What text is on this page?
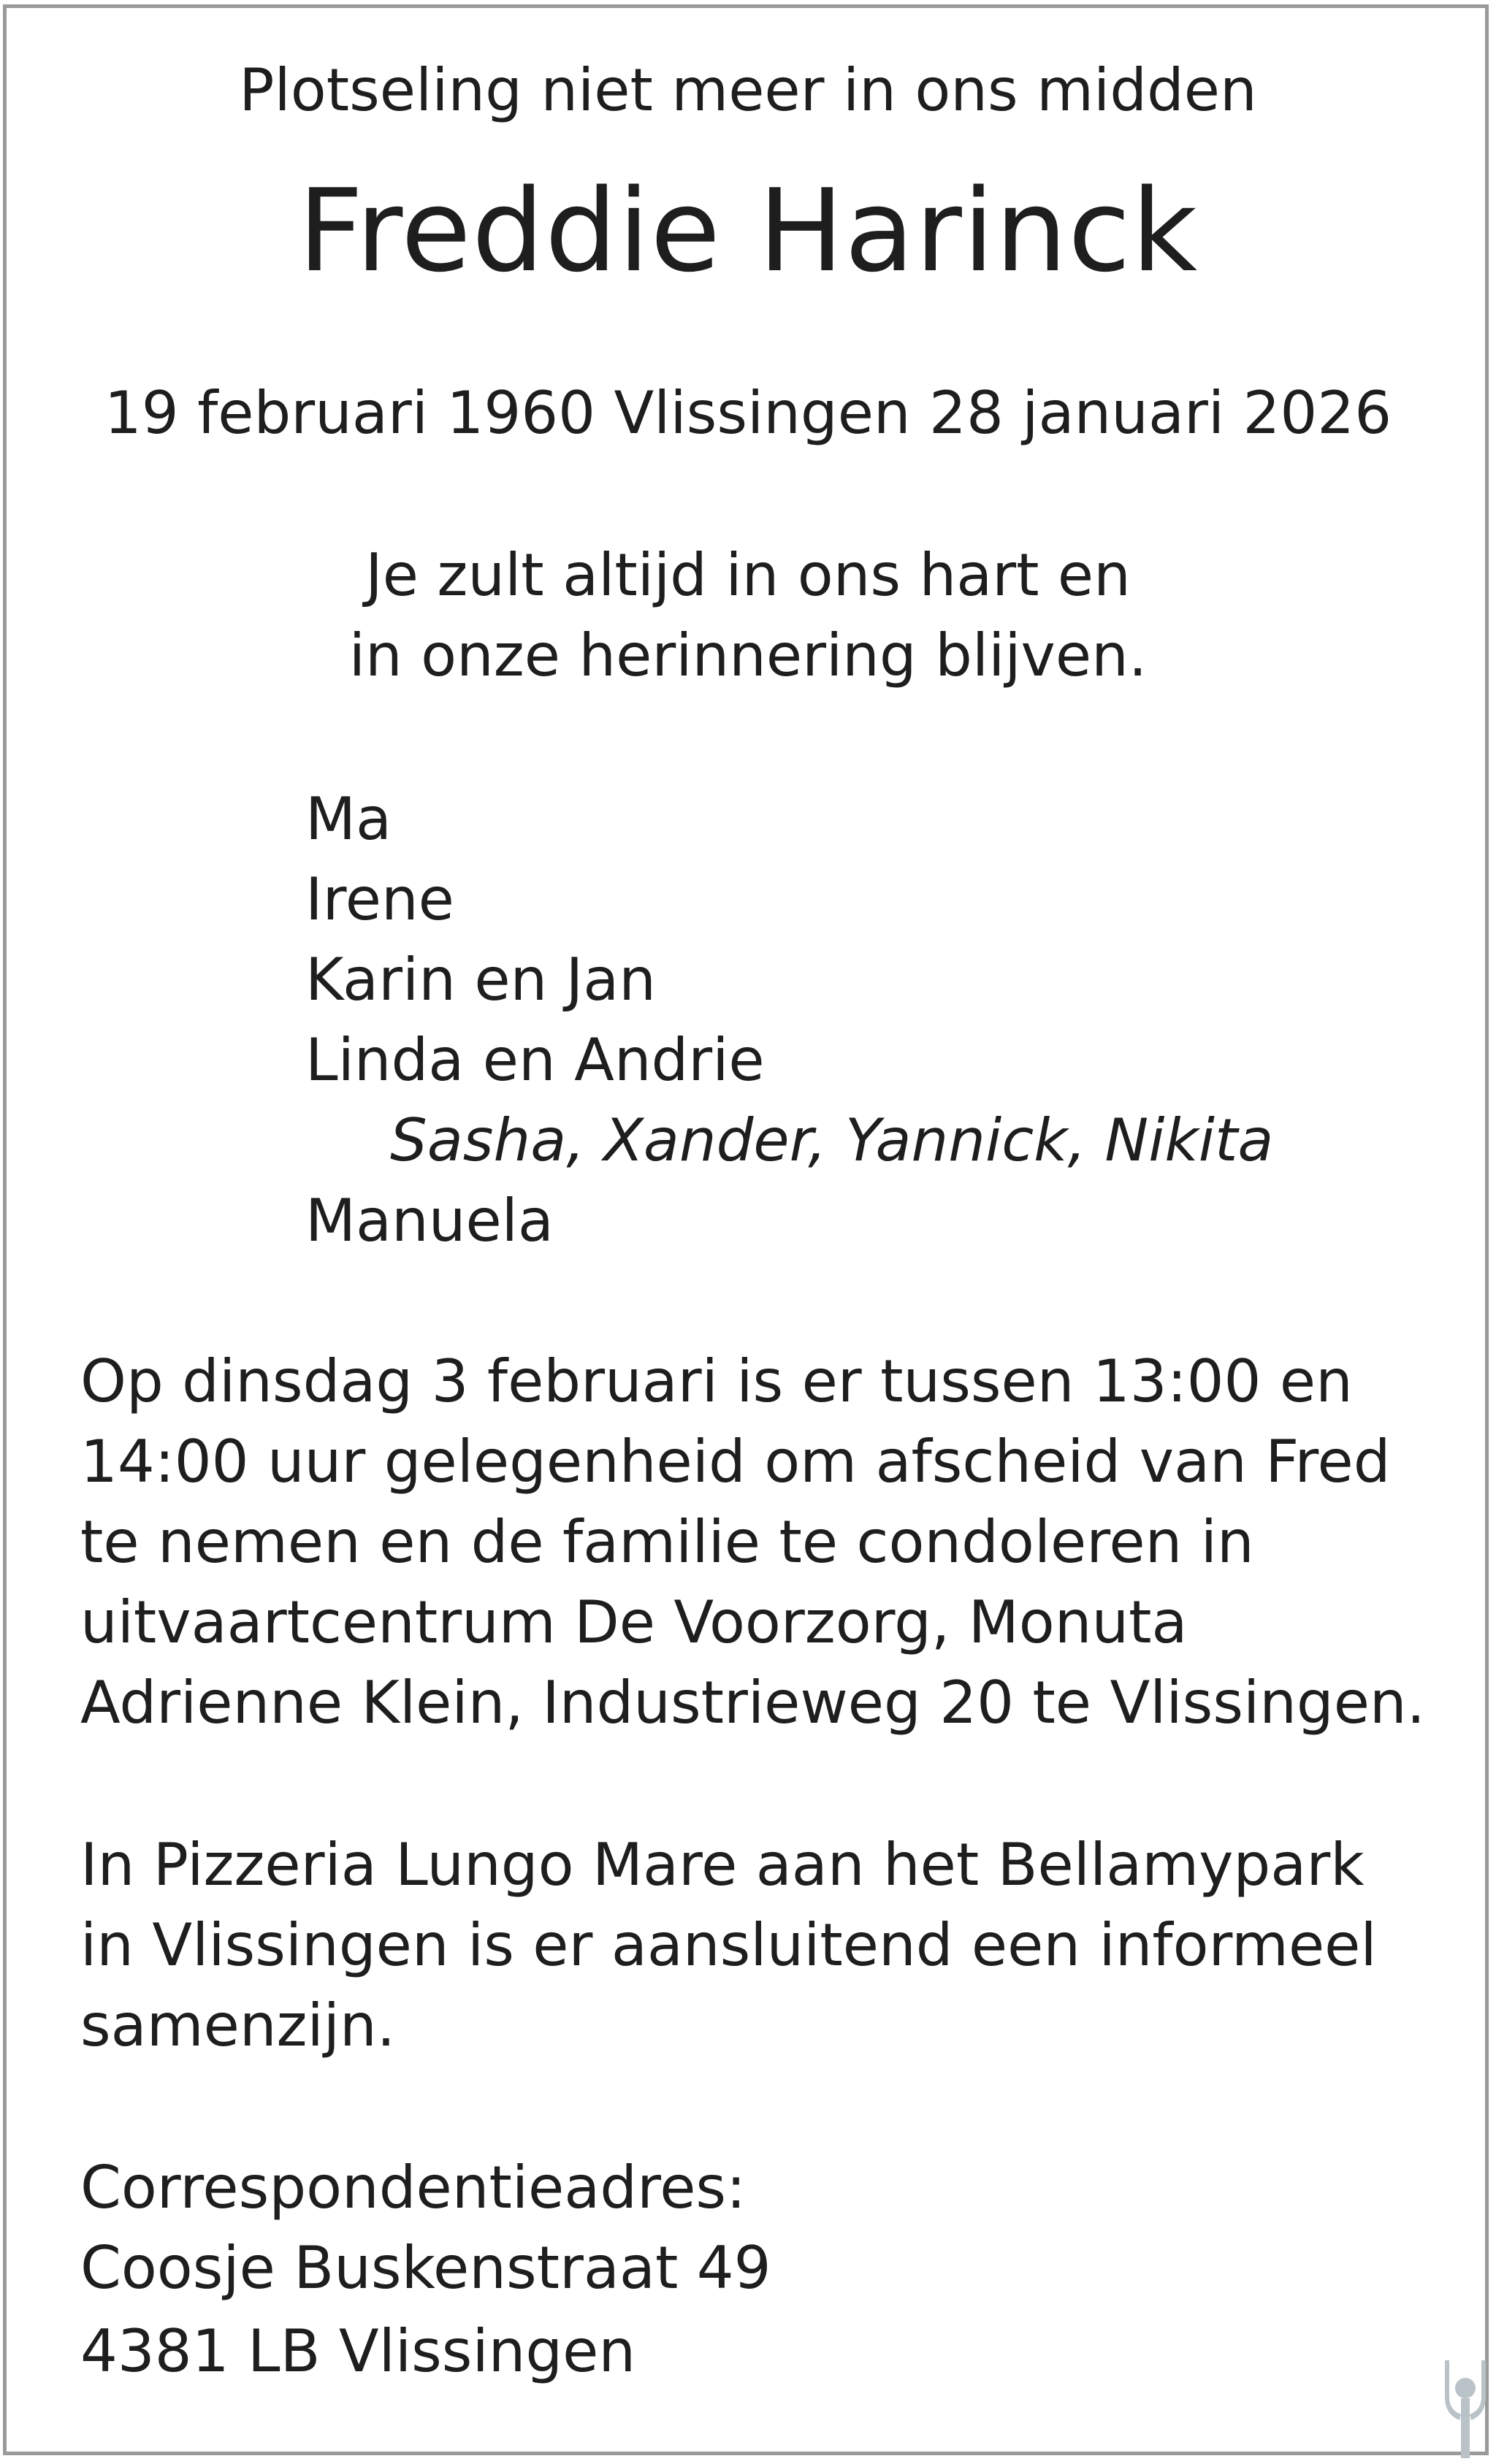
Plotseling niet meer in ons midden
Freddie Harinck
19 februari 1960 Vlissingen 28 januari 2026
Je zult altijd in ons hart en
in onze herinnering blijven.
Ma
Irene
Karin en Jan
Linda en Andrie
Sasha, Xander, Yannick, Nikita
Manuela
Op dinsdag 3 februari is er tussen 13:00 en
14:00 uur gelegenheid om afscheid van Fred
te nemen en de familie te condoleren in
uitvaartcentrum De Voorzorg, Monuta
Adrienne Klein, Industrieweg 20 te Vlissingen.
In Pizzeria Lungo Mare aan het Bellamypark
in Vlissingen is er aansluitend een informeel
samenzijn.
Correspondentieadres:
Coosje Buskenstraat 49
4381 LB Vlissingen
